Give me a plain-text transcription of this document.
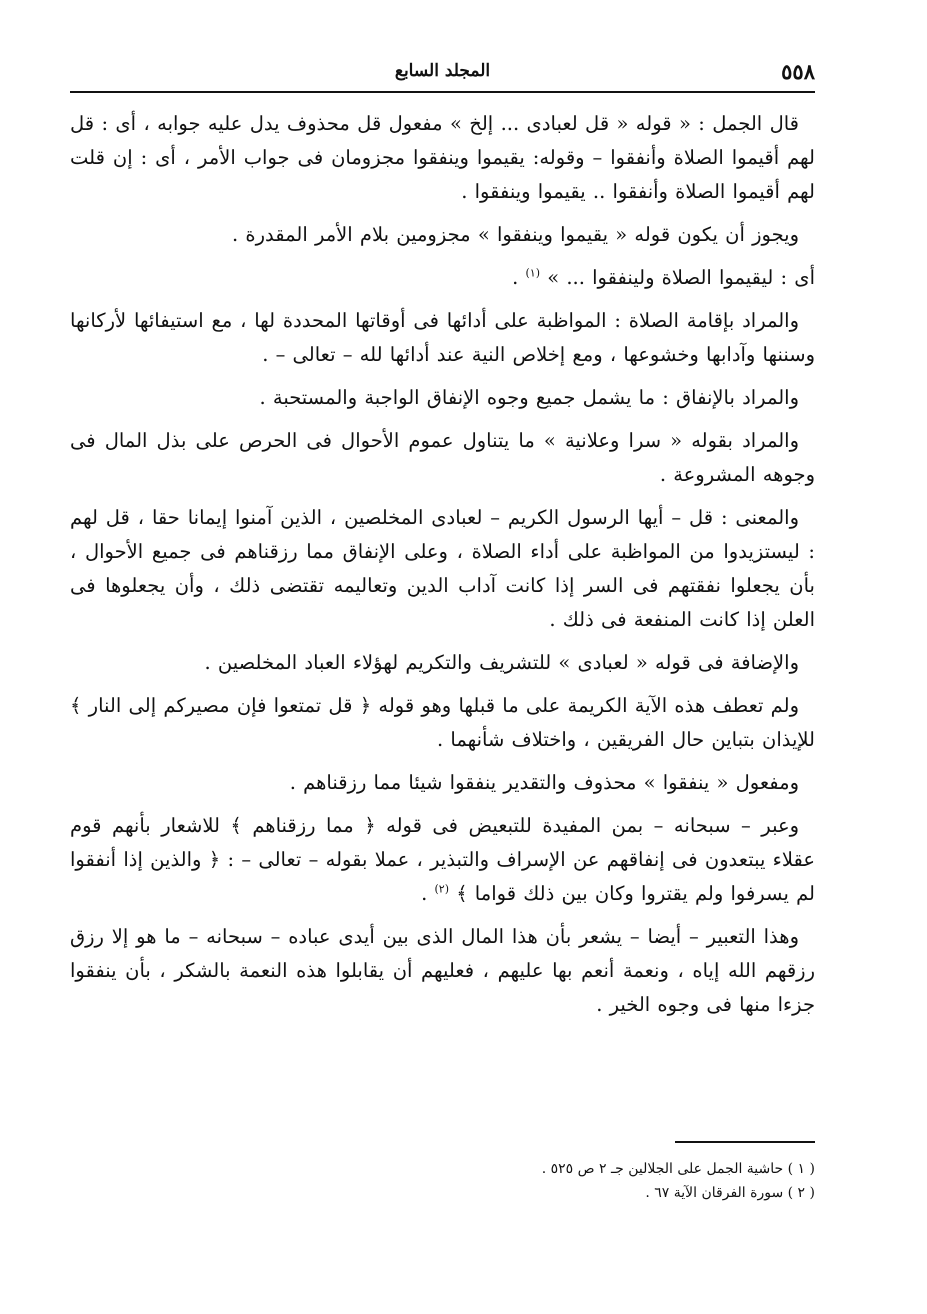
٥٥٨
المجلد السابع

قال الجمل : « قوله « قل لعبادى ... إلخ » مفعول قل محذوف يدل عليه جوابه ، أى : قل لهم أقيموا الصلاة وأنفقوا – وقوله: يقيموا وينفقوا مجزومان فى جواب الأمر ، أى : إن قلت لهم أقيموا الصلاة وأنفقوا .. يقيموا وينفقوا .

ويجوز أن يكون قوله « يقيموا وينفقوا » مجزومين بلام الأمر المقدرة .

أى : ليقيموا الصلاة ولينفقوا ... » $^{(١)}$ .

والمراد بإقامة الصلاة : المواظبة على أدائها فى أوقاتها المحددة لها ، مع استيفائها لأركانها وسننها وآدابها وخشوعها ، ومع إخلاص النية عند أدائها لله – تعالى – .

والمراد بالإنفاق : ما يشمل جميع وجوه الإنفاق الواجبة والمستحبة .

والمراد بقوله « سرا وعلانية » ما يتناول عموم الأحوال فى الحرص على بذل المال فى وجوهه المشروعة .

والمعنى : قل – أيها الرسول الكريم – لعبادى المخلصين ، الذين آمنوا إيمانا حقا ، قل لهم : ليستزيدوا من المواظبة على أداء الصلاة ، وعلى الإنفاق مما رزقناهم فى جميع الأحوال ، بأن يجعلوا نفقتهم فى السر إذا كانت آداب الدين وتعاليمه تقتضى ذلك ، وأن يجعلوها فى العلن إذا كانت المنفعة فى ذلك .

والإضافة فى قوله « لعبادى » للتشريف والتكريم لهؤلاء العباد المخلصين .

ولم تعطف هذه الآية الكريمة على ما قبلها وهو قوله ﴿ قل تمتعوا فإن مصيركم إلى النار ﴾ للإيذان بتباين حال الفريقين ، واختلاف شأنهما .

ومفعول « ينفقوا » محذوف والتقدير ينفقوا شيئا مما رزقناهم .

وعبر – سبحانه – بمن المفيدة للتبعيض فى قوله ﴿ مما رزقناهم ﴾ للاشعار بأنهم قوم عقلاء يبتعدون فى إنفاقهم عن الإسراف والتبذير ، عملا بقوله – تعالى – : ﴿ والذين إذا أنفقوا لم يسرفوا ولم يقتروا وكان بين ذلك قواما ﴾ $^{(٢)}$ .

وهذا التعبير – أيضا – يشعر بأن هذا المال الذى بين أيدى عباده – سبحانه – ما هو إلا رزق رزقهم الله إياه ، ونعمة أنعم بها عليهم ، فعليهم أن يقابلوا هذه النعمة بالشكر ، بأن ينفقوا جزءا منها فى وجوه الخير .

( ١ ) حاشية الجمل على الجلالين جـ ٢ ص ٥٢٥ .

( ٢ ) سورة الفرقان الآية ٦٧ .
